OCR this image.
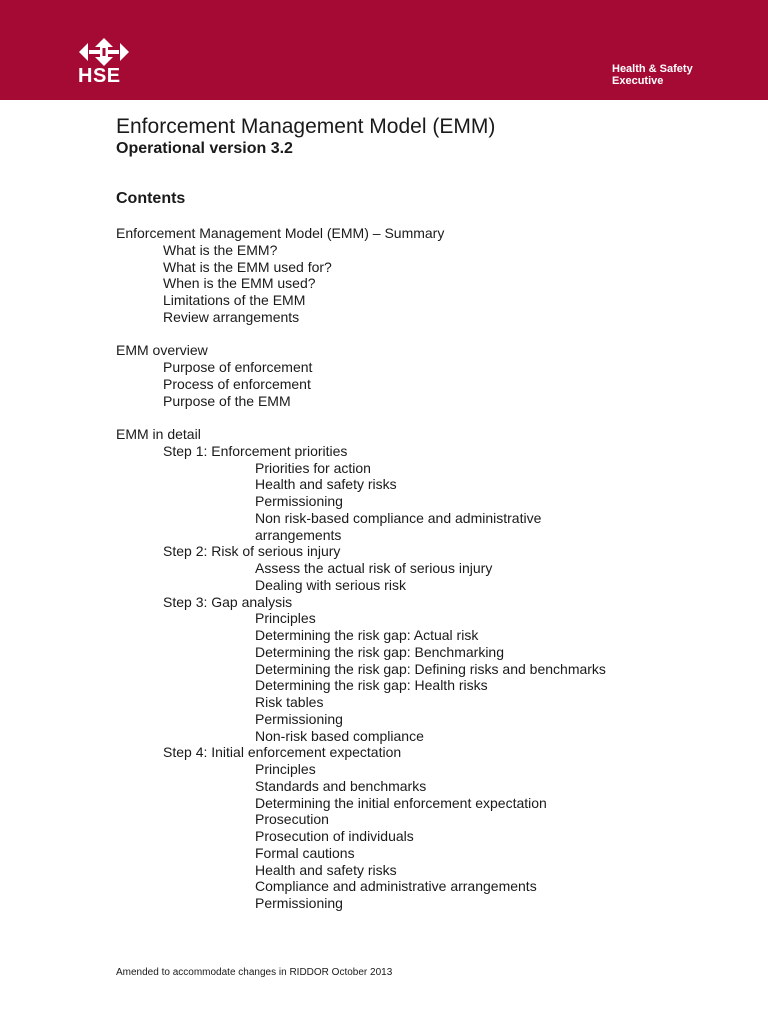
HSE	Health & Safety
Executive
Enforcement Management Model (EMM)
Operational version 3.2
Contents
Enforcement Management Model (EMM) – Summary
What is the EMM?
What is the EMM used for?
When is the EMM used?
Limitations of the EMM
Review arrangements
EMM overview
Purpose of enforcement
Process of enforcement
Purpose of the EMM
EMM in detail
Step 1: Enforcement priorities
Priorities for action
Health and safety risks
Permissioning
Non risk-based compliance and administrative
arrangements
Step 2: Risk of serious injury
Assess the actual risk of serious injury
Dealing with serious risk
Step 3: Gap analysis
Principles
Determining the risk gap: Actual risk
Determining the risk gap: Benchmarking
Determining the risk gap: Defining risks and benchmarks
Determining the risk gap: Health risks
Risk tables
Permissioning
Non-risk based compliance
Step 4: Initial enforcement expectation
Principles
Standards and benchmarks
Determining the initial enforcement expectation
Prosecution
Prosecution of individuals
Formal cautions
Health and safety risks
Compliance and administrative arrangements
Permissioning
Amended to accommodate changes in RIDDOR October 2013
